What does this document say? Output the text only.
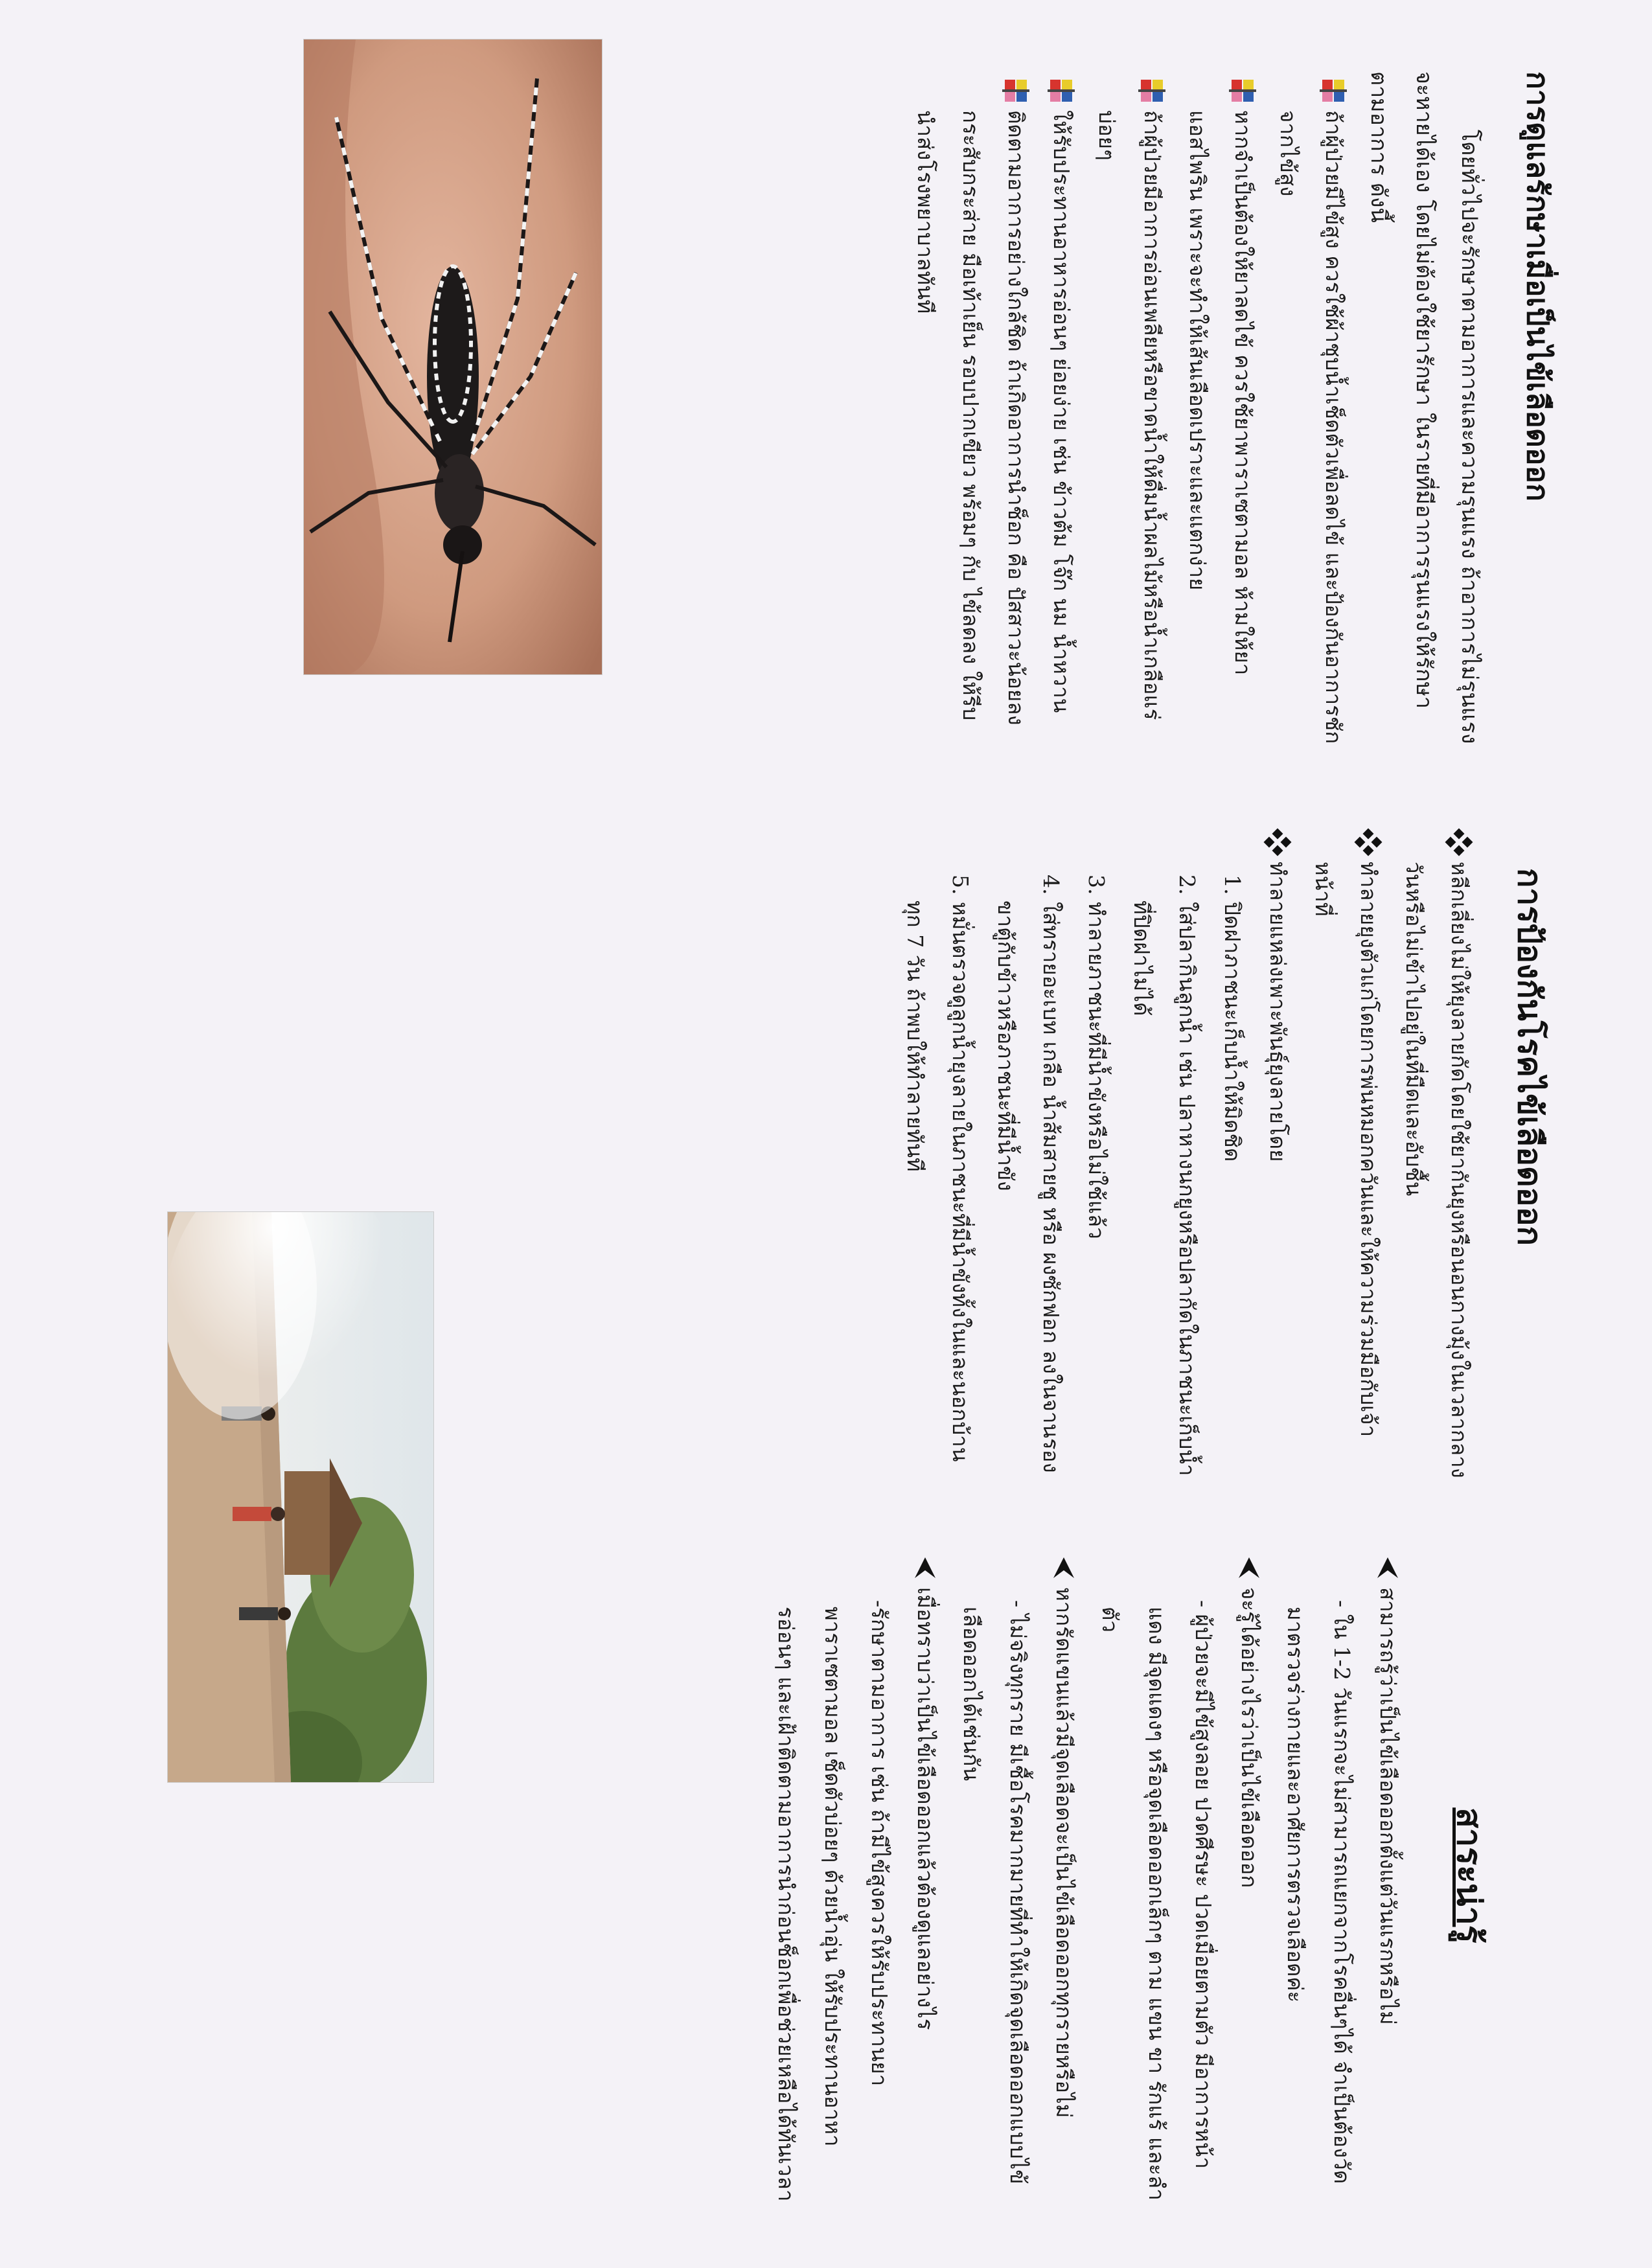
การดูแลรักษาเมื่อเป็นไข้เลือดออก

โดยทั่วไปจะรักษาตามอาการและความรุนแรง ถ้าอาการไม่รุนแรงจะหายได้เอง โดยไม่ต้องใช้ยารักษา ในรายที่มีอาการรุนแรงให้รักษาตามอาการ ดังนี้

ถ้าผู้ป่วยมีไข้สูง ควรใช้ผ้าชุบน้ำเช็ดตัวเพื่อลดไข้ และป้องกันอาการชักจากไข้สูง
หากจำเป็นต้องให้ยาลดไข้ ควรใช้ยาพาราเซตามอล ห้ามให้ยาแอสไพริน เพราะจะทำให้เส้นเลือดเปราะและแตกง่าย
ถ้าผู้ป่วยมีอาการอ่อนเพลียหรือขาดน้ำให้ดื่มน้ำผลไม้หรือน้ำเกลือแร่บ่อยๆ
ให้รับประทานอาหารอ่อนๆ ย่อยง่าย เช่น ข้าวต้ม โจ๊ก นม น้ำหวาน
ติดตามอาการอย่างใกล้ชิด ถ้าเกิดอาการนำช็อก คือ ปัสสาวะน้อยลง กระสับกระส่าย มือเท้าเย็น รอบปากเขียว พร้อมๆ กับ ไข้ลดลง ให้รีบนำส่งโรงพยาบาลทันที
การป้องกันโรคไข้เลือดออก
หลีกเลี่ยงไม่ให้ยุงลายกัดโดยใช้ยากันยุงหรือนอนกางมุ้งในเวลากลางวันหรือไม่เข้าไปอยู่ในที่มืดและอับชื้น
ทำลายยุงตัวแก่โดยการพ่นหมอกควันและให้ความร่วมมือกับเจ้าหน้าที่
ทำลายแหล่งเพาะพันธุ์ยุงลายโดย

1. ปิดฝาภาชนะเก็บน้ำให้มิดชิด

2. ใส่ปลากินลูกน้ำ เช่น ปลาหางนกยูงหรือปลากัดในภาชนะเก็บน้ำที่ปิดฝาไม่ได้

3. ทำลายภาชนะที่มีน้ำขังหรือไม่ใช้แล้ว

4. ใส่ทรายอะเบท เกลือ น้ำส้มสายชู หรือ ผงซักฟอก ลงในจานรองขาตู้กับข้าวหรือภาชนะที่มีน้ำขัง

5. หมั่นตรวจดูลูกน้ำยุงลายในภาชนะที่มีน้ำขังทั้งในและนอกบ้านทุก 7 วัน ถ้าพบให้ทำลายทันที

สาระน่ารู้
สามารถรู้ว่าเป็นไข้เลือดออกตั้งแต่วันแรกหรือไม่

- ใน 1-2 วันแรกจะไม่สามารถแยกจากโรคอื่นๆได้ จำเป็นต้องวัดมาตรวจร่างกายและอาศัยการตรวจเลือดค่ะ

จะรู้ได้อย่างไรว่าเป็นไข้เลือดออก

- ผู้ป่วยจะมีไข้สูงลอย ปวดศีรษะ ปวดเมื่อยตามตัว มีอาการหน้าแดง มีจุดแดงๆ หรือจุดเลือดออกเล็กๆ ตาม แขน ขา รักแร้ และลำตัว

หากรัดแขนแล้วมีจุดเลือดจะเป็นไข้เลือดออกทุกรายหรือไม่

- ไม่จริงทุกราย มีเชื้อโรคมากมายที่ทำให้เกิดจุดเลือดออกแบบไข้เลือดออกได้เช่นกัน

เมื่อทราบว่าเป็นไข้เลือดออกแล้วต้องดูแลอย่างไร

-รักษาตามอาการ เช่น ถ้ามีไข้สูงควรให้รับประทานยาพาราเซตามอล เช็ดตัวบ่อยๆ ด้วยน้ำอุ่น ให้รับประทานอาหารอ่อนๆ และเฝ้าติดตามอาการนำก่อนช็อกเพื่อช่วยเหลือได้ทันเวลา
